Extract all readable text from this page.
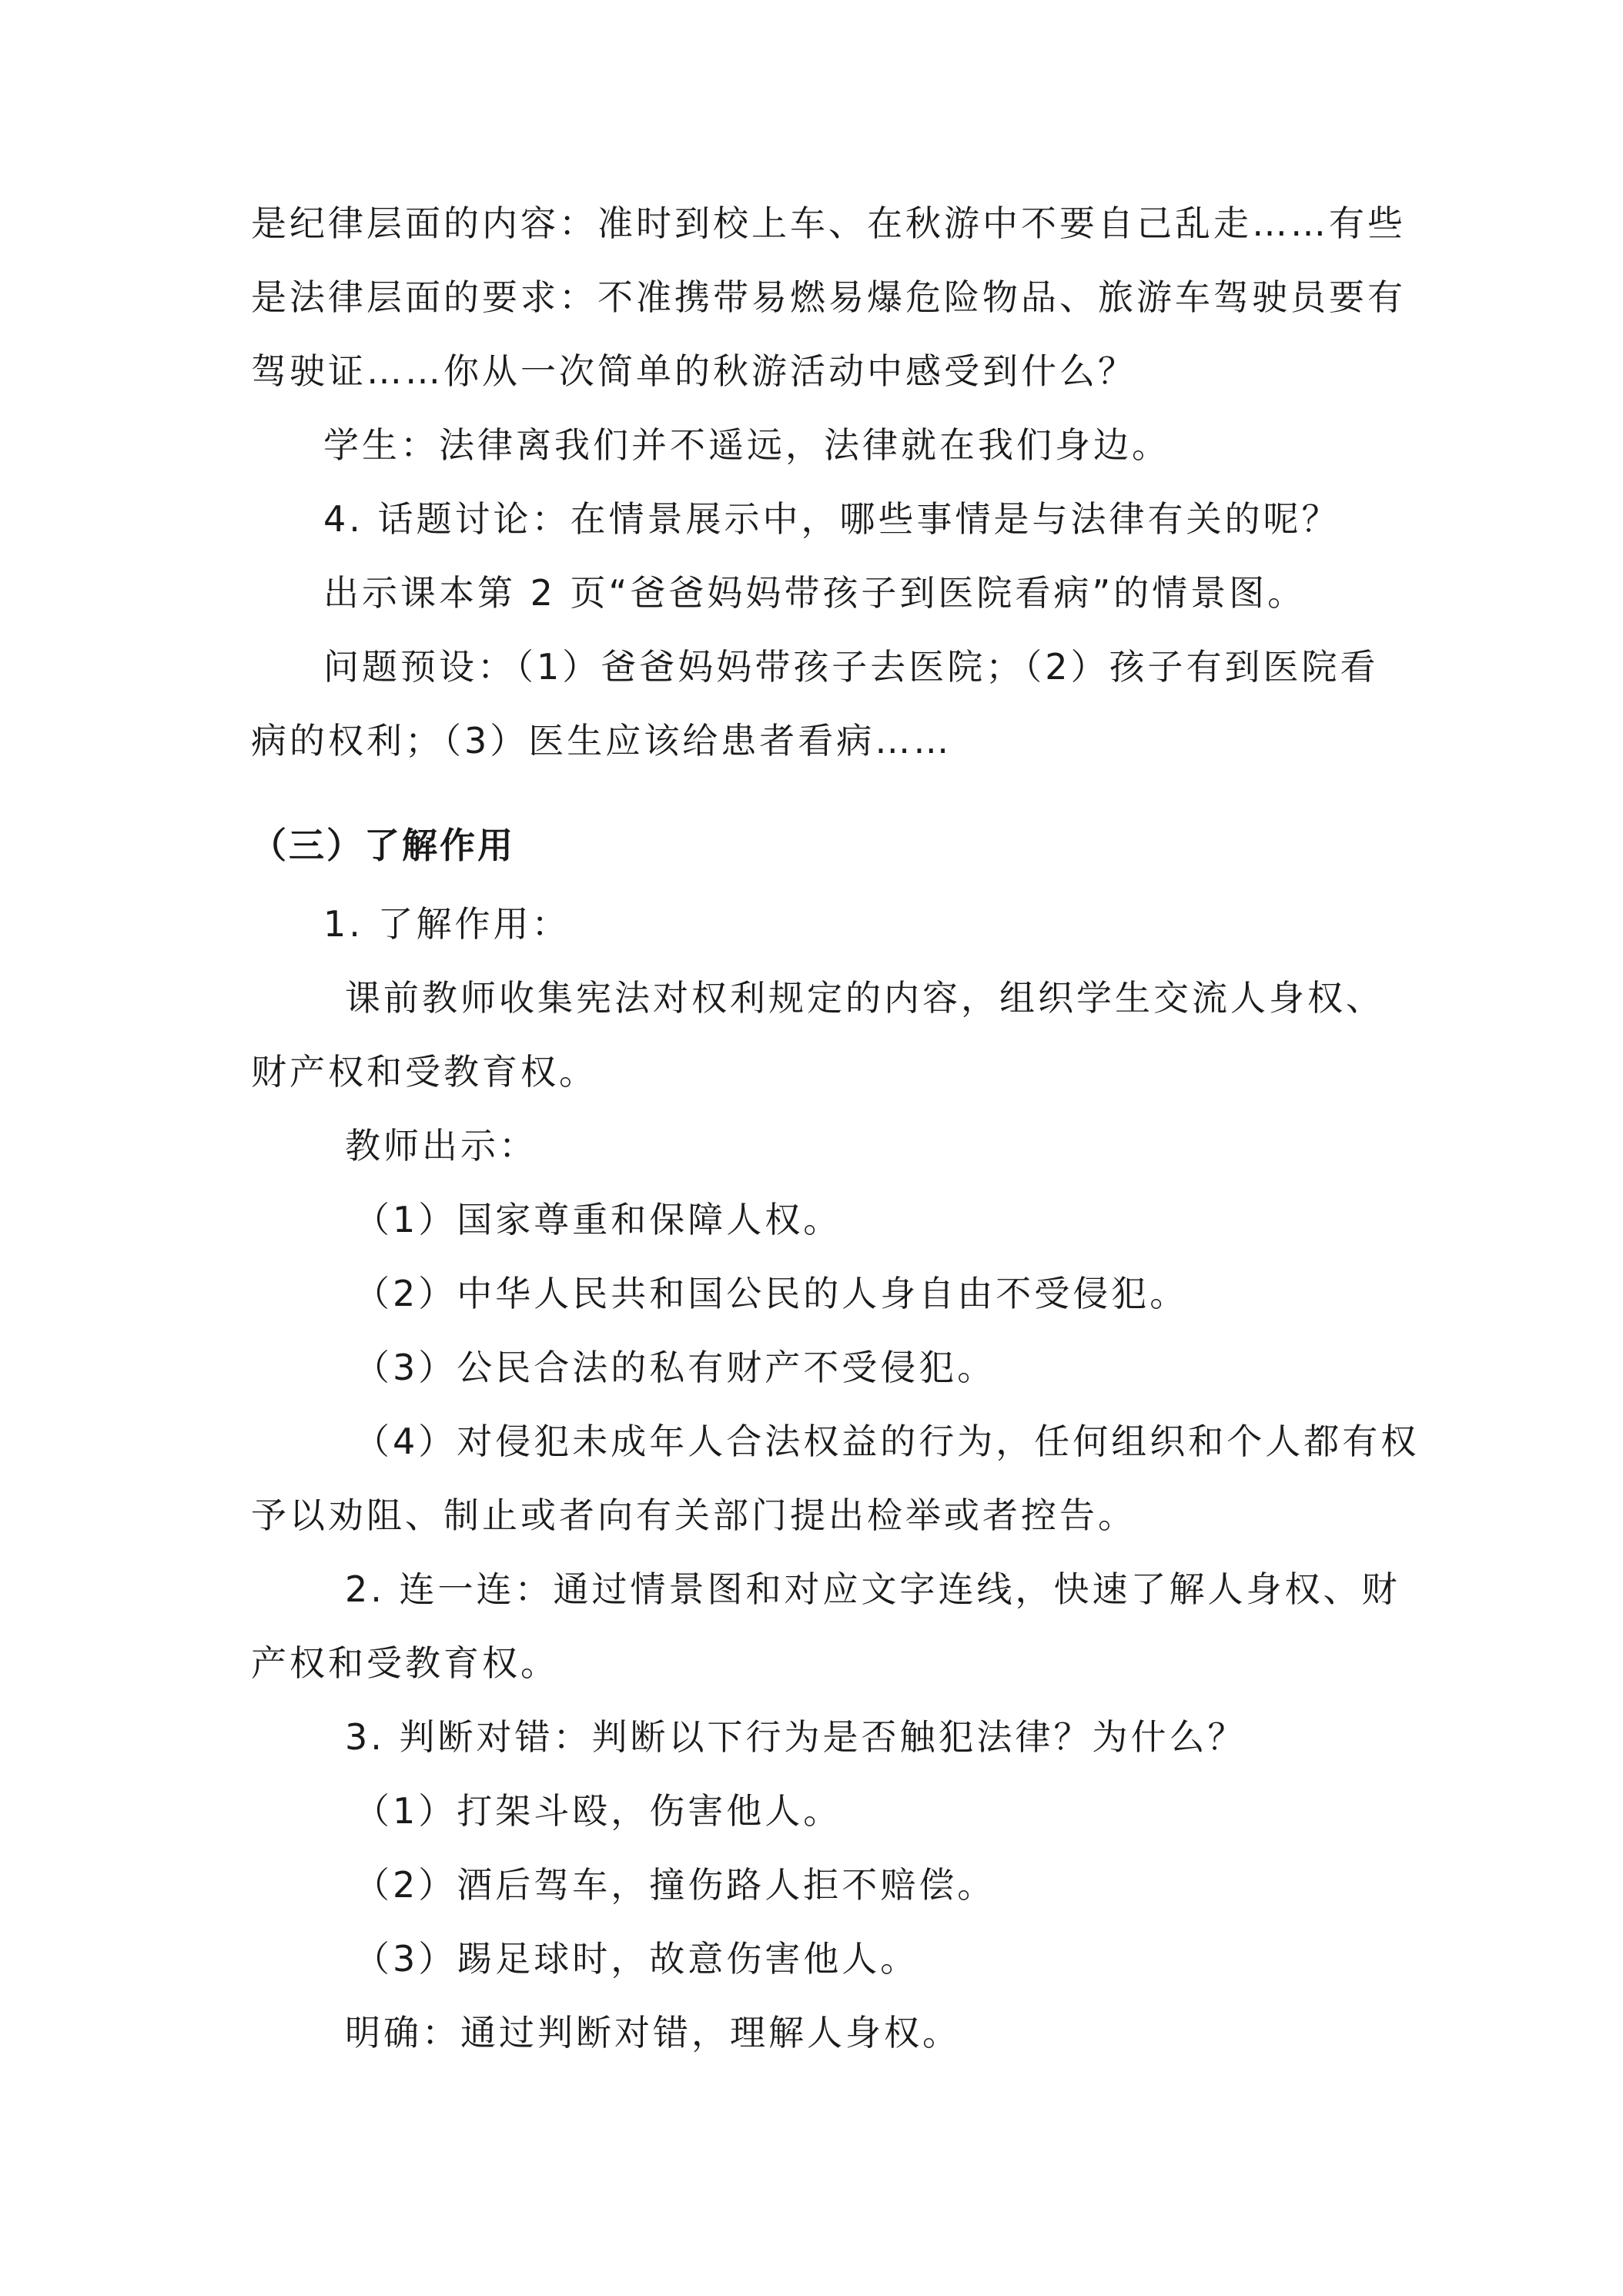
是纪律层面的内容：准时到校上车、在秋游中不要自己乱走……有些
是法律层面的要求：不准携带易燃易爆危险物品、旅游车驾驶员要有
驾驶证……你从一次简单的秋游活动中感受到什么？
学生：法律离我们并不遥远，法律就在我们身边。
4. 话题讨论：在情景展示中，哪些事情是与法律有关的呢？
出示课本第 2 页“爸爸妈妈带孩子到医院看病”的情景图。
问题预设：（1）爸爸妈妈带孩子去医院；（2）孩子有到医院看
病的权利；（3）医生应该给患者看病……
（三）了解作用
1. 了解作用：
课前教师收集宪法对权利规定的内容，组织学生交流人身权、
财产权和受教育权。
教师出示：
（1）国家尊重和保障人权。
（2）中华人民共和国公民的人身自由不受侵犯。
（3）公民合法的私有财产不受侵犯。
（4）对侵犯未成年人合法权益的行为，任何组织和个人都有权
予以劝阻、制止或者向有关部门提出检举或者控告。
2. 连一连：通过情景图和对应文字连线，快速了解人身权、财
产权和受教育权。
3. 判断对错：判断以下行为是否触犯法律？为什么？
（1）打架斗殴，伤害他人。
（2）酒后驾车，撞伤路人拒不赔偿。
（3）踢足球时，故意伤害他人。
明确：通过判断对错，理解人身权。
